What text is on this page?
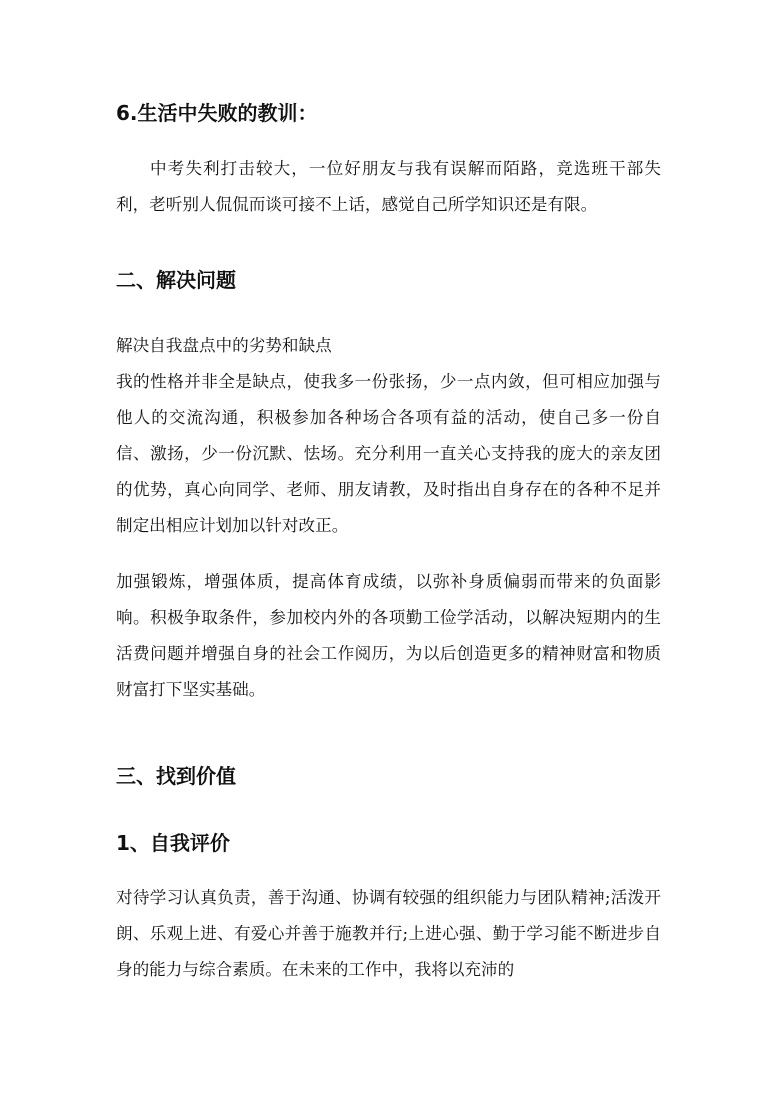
6.生活中失败的教训：

中考失利打击较大，一位好朋友与我有误解而陌路，竞选班干部失利，老听别人侃侃而谈可接不上话，感觉自己所学知识还是有限。

二、解决问题

解决自我盘点中的劣势和缺点

我的性格并非全是缺点，使我多一份张扬，少一点内敛，但可相应加强与他人的交流沟通，积极参加各种场合各项有益的活动，使自己多一份自信、激扬，少一份沉默、怯场。充分利用一直关心支持我的庞大的亲友团的优势，真心向同学、老师、朋友请教，及时指出自身存在的各种不足并制定出相应计划加以针对改正。

加强锻炼，增强体质，提高体育成绩，以弥补身质偏弱而带来的负面影响。积极争取条件，参加校内外的各项勤工俭学活动，以解决短期内的生活费问题并增强自身的社会工作阅历，为以后创造更多的精神财富和物质财富打下坚实基础。

三、找到价值
1、自我评价

对待学习认真负责，善于沟通、协调有较强的组织能力与团队精神;活泼开朗、乐观上进、有爱心并善于施教并行;上进心强、勤于学习能不断进步自身的能力与综合素质。在未来的工作中，我将以充沛的
